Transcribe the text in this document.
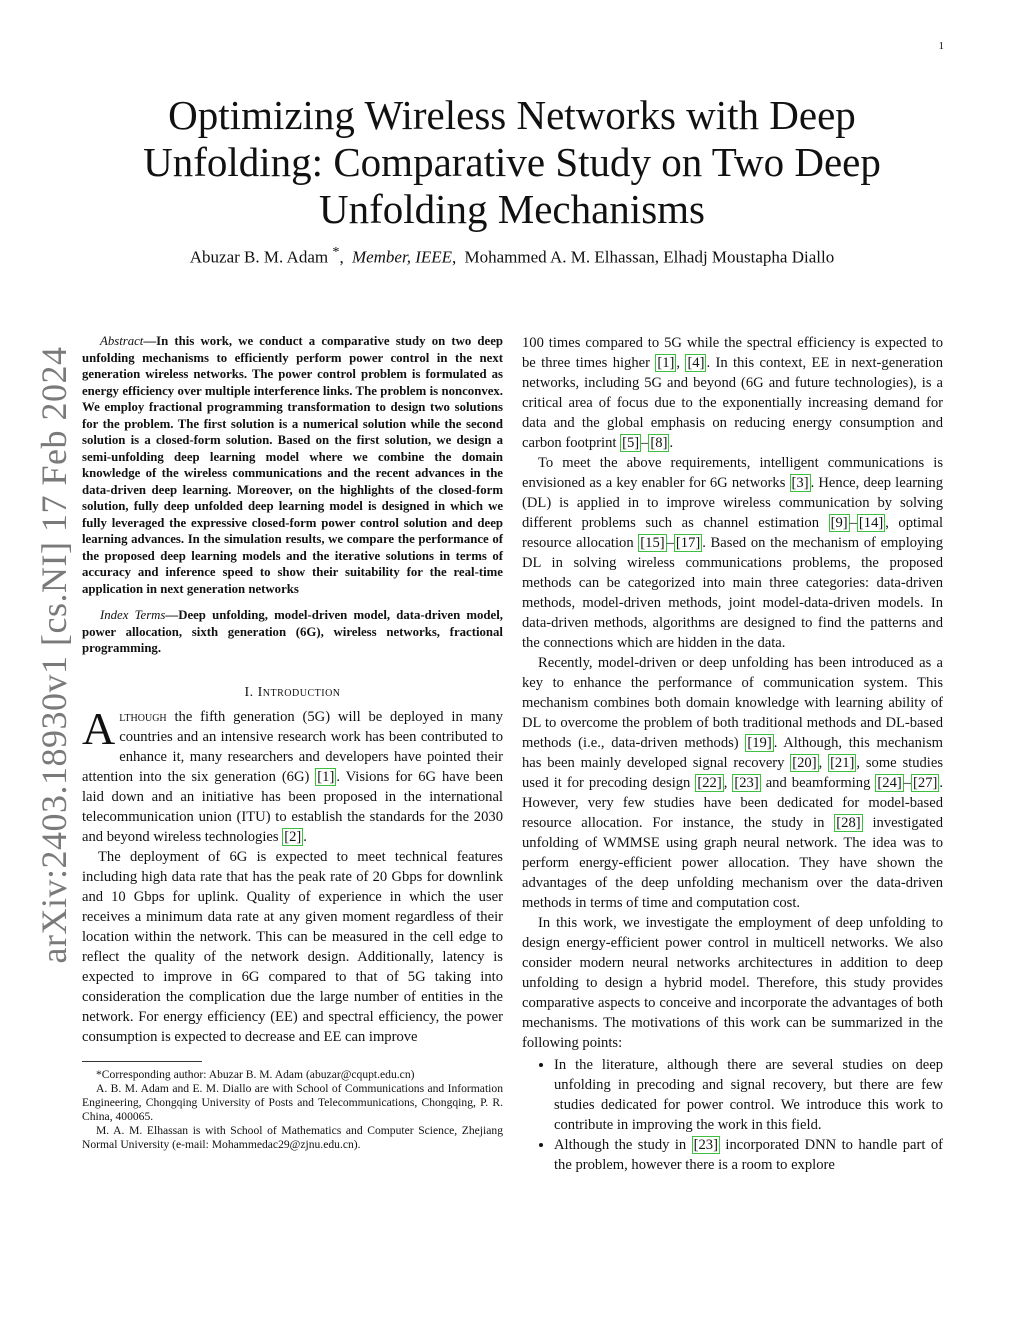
1
Optimizing Wireless Networks with Deep Unfolding: Comparative Study on Two Deep Unfolding Mechanisms
Abuzar B. M. Adam *, Member, IEEE, Mohammed A. M. Elhassan, Elhadj Moustapha Diallo
arXiv:2403.18930v1 [cs.NI] 17 Feb 2024

Abstract—In this work, we conduct a comparative study on two deep unfolding mechanisms to efficiently perform power control in the next generation wireless networks. The power control problem is formulated as energy efficiency over multiple interference links. The problem is nonconvex. We employ fractional programming transformation to design two solutions for the problem. The first solution is a numerical solution while the second solution is a closed-form solution. Based on the first solution, we design a semi-unfolding deep learning model where we combine the domain knowledge of the wireless communications and the recent advances in the data-driven deep learning. Moreover, on the highlights of the closed-form solution, fully deep unfolded deep learning model is designed in which we fully leveraged the expressive closed-form power control solution and deep learning advances. In the simulation results, we compare the performance of the proposed deep learning models and the iterative solutions in terms of accuracy and inference speed to show their suitability for the real-time application in next generation networks

Index Terms—Deep unfolding, model-driven model, data-driven model, power allocation, sixth generation (6G), wireless networks, fractional programming.

I. Introduction

Although the fifth generation (5G) will be deployed in many countries and an intensive research work has been contributed to enhance it, many researchers and developers have pointed their attention into the six generation (6G) [1] . Visions for 6G have been laid down and an initiative has been proposed in the international telecommunication union (ITU) to establish the standards for the 2030 and beyond wireless technologies [2] .

The deployment of 6G is expected to meet technical features including high data rate that has the peak rate of 20 Gbps for downlink and 10 Gbps for uplink. Quality of experience in which the user receives a minimum data rate at any given moment regardless of their location within the network. This can be measured in the cell edge to reflect the quality of the network design. Additionally, latency is expected to improve in 6G compared to that of 5G taking into consideration the complication due the large number of entities in the network. For energy efficiency (EE) and spectral efficiency, the power consumption is expected to decrease and EE can improve

*Corresponding author: Abuzar B. M. Adam (abuzar@cqupt.edu.cn)

A. B. M. Adam and E. M. Diallo are with School of Communications and Information Engineering, Chongqing University of Posts and Telecommunications, Chongqing, P. R. China, 400065.

M. A. M. Elhassan is with School of Mathematics and Computer Science, Zhejiang Normal University (e-mail: Mohammedac29@zjnu.edu.cn).

100 times compared to 5G while the spectral efficiency is expected to be three times higher [1] , [4] . In this context, EE in next-generation networks, including 5G and beyond (6G and future technologies), is a critical area of focus due to the exponentially increasing demand for data and the global emphasis on reducing energy consumption and carbon footprint [5] – [8] .

To meet the above requirements, intelligent communications is envisioned as a key enabler for 6G networks [3] . Hence, deep learning (DL) is applied in to improve wireless communication by solving different problems such as channel estimation [9] – [14] , optimal resource allocation [15] – [17] . Based on the mechanism of employing DL in solving wireless communications problems, the proposed methods can be categorized into main three categories: data-driven methods, model-driven methods, joint model-data-driven models. In data-driven methods, algorithms are designed to find the patterns and the connections which are hidden in the data.

Recently, model-driven or deep unfolding has been introduced as a key to enhance the performance of communication system. This mechanism combines both domain knowledge with learning ability of DL to overcome the problem of both traditional methods and DL-based methods (i.e., data-driven methods) [19] . Although, this mechanism has been mainly developed signal recovery [20] , [21] , some studies used it for precoding design [22] , [23] and beamforming [24] – [27] . However, very few studies have been dedicated for model-based resource allocation. For instance, the study in [28] investigated unfolding of WMMSE using graph neural network. The idea was to perform energy-efficient power allocation. They have shown the advantages of the deep unfolding mechanism over the data-driven methods in terms of time and computation cost.

In this work, we investigate the employment of deep unfolding to design energy-efficient power control in multicell networks. We also consider modern neural networks architectures in addition to deep unfolding to design a hybrid model. Therefore, this study provides comparative aspects to conceive and incorporate the advantages of both mechanisms. The motivations of this work can be summarized in the following points:

• In the literature, although there are several studies on deep unfolding in precoding and signal recovery, but there are few studies dedicated for power control. We introduce this work to contribute in improving the work in this field.
• Although the study in [23] incorporated DNN to handle part of the problem, however there is a room to explore
